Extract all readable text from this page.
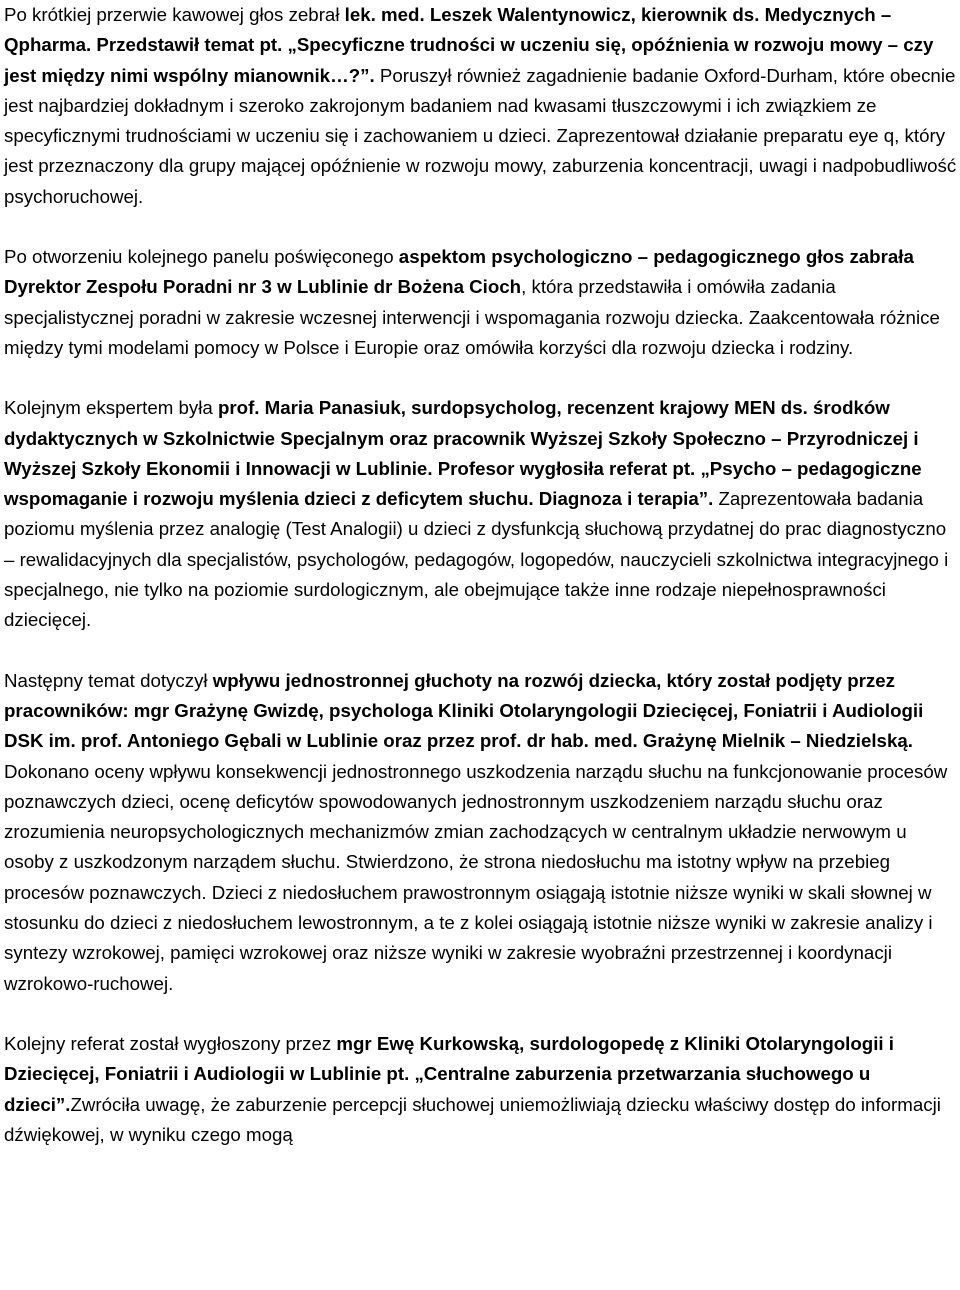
Po krótkiej przerwie kawowej głos zebrał lek. med. Leszek Walentynowicz, kierownik ds. Medycznych – Qpharma. Przedstawił temat pt. „Specyficzne trudności w uczeniu się, opóźnienia w rozwoju mowy – czy jest między nimi wspólny mianownik…?”. Poruszył również zagadnienie badanie Oxford-Durham, które obecnie jest najbardziej dokładnym i szeroko zakrojonym badaniem nad kwasami tłuszczowymi i ich związkiem ze specyficznymi trudnościami w uczeniu się i zachowaniem u dzieci. Zaprezentował działanie preparatu eye q, który jest przeznaczony dla grupy mającej opóźnienie w rozwoju mowy, zaburzenia koncentracji, uwagi i nadpobudliwość psychoruchowej.

Po otworzeniu kolejnego panelu poświęconego aspektom psychologiczno – pedagogicznego głos zabrała Dyrektor Zespołu Poradni nr 3 w Lublinie dr Bożena Cioch, która przedstawiła i omówiła zadania specjalistycznej poradni w zakresie wczesnej interwencji i wspomagania rozwoju dziecka. Zaakcentowała różnice między tymi modelami pomocy w Polsce i Europie oraz omówiła korzyści dla rozwoju dziecka i rodziny.

Kolejnym ekspertem była prof. Maria Panasiuk, surdopsycholog, recenzent krajowy MEN ds. środków dydaktycznych w Szkolnictwie Specjalnym oraz pracownik Wyższej Szkoły Społeczno – Przyrodniczej i Wyższej Szkoły Ekonomii i Innowacji w Lublinie. Profesor wygłosiła referat pt. „Psycho – pedagogiczne wspomaganie i rozwoju myślenia dzieci z deficytem słuchu. Diagnoza i terapia”. Zaprezentowała badania poziomu myślenia przez analogię (Test Analogii) u dzieci z dysfunkcją słuchową przydatnej do prac diagnostyczno – rewalidacyjnych dla specjalistów, psychologów, pedagogów, logopedów, nauczycieli szkolnictwa integracyjnego i specjalnego, nie tylko na poziomie surdologicznym, ale obejmujące także inne rodzaje niepełnosprawności dziecięcej.

Następny temat dotyczył wpływu jednostronnej głuchoty na rozwój dziecka, który został podjęty przez pracowników: mgr Grażynę Gwizdę, psychologa Kliniki Otolaryngologii Dziecięcej, Foniatrii i Audiologii DSK im. prof. Antoniego Gębali w Lublinie oraz przez prof. dr hab. med. Grażynę Mielnik – Niedzielską. Dokonano oceny wpływu konsekwencji jednostronnego uszkodzenia narządu słuchu na funkcjonowanie procesów poznawczych dzieci, ocenę deficytów spowodowanych jednostronnym uszkodzeniem narządu słuchu oraz zrozumienia neuropsychologicznych mechanizmów zmian zachodzących w centralnym układzie nerwowym u osoby z uszkodzonym narządem słuchu. Stwierdzono, że strona niedosłuchu ma istotny wpływ na przebieg procesów poznawczych. Dzieci z niedosłuchem prawostronnym osiągają istotnie niższe wyniki w skali słownej w stosunku do dzieci z niedosłuchem lewostronnym, a te z kolei osiągają istotnie niższe wyniki w zakresie analizy i syntezy wzrokowej, pamięci wzrokowej oraz niższe wyniki w zakresie wyobraźni przestrzennej i koordynacji wzrokowo-ruchowej.

Kolejny referat został wygłoszony przez mgr Ewę Kurkowską, surdologopedę z Kliniki Otolaryngologii i Dziecięcej, Foniatrii i Audiologii w Lublinie pt. „Centralne zaburzenia przetwarzania słuchowego u dzieci”.Zwróciła uwagę, że zaburzenie percepcji słuchowej uniemożliwiają dziecku właściwy dostęp do informacji dźwiękowej, w wyniku czego mogą
